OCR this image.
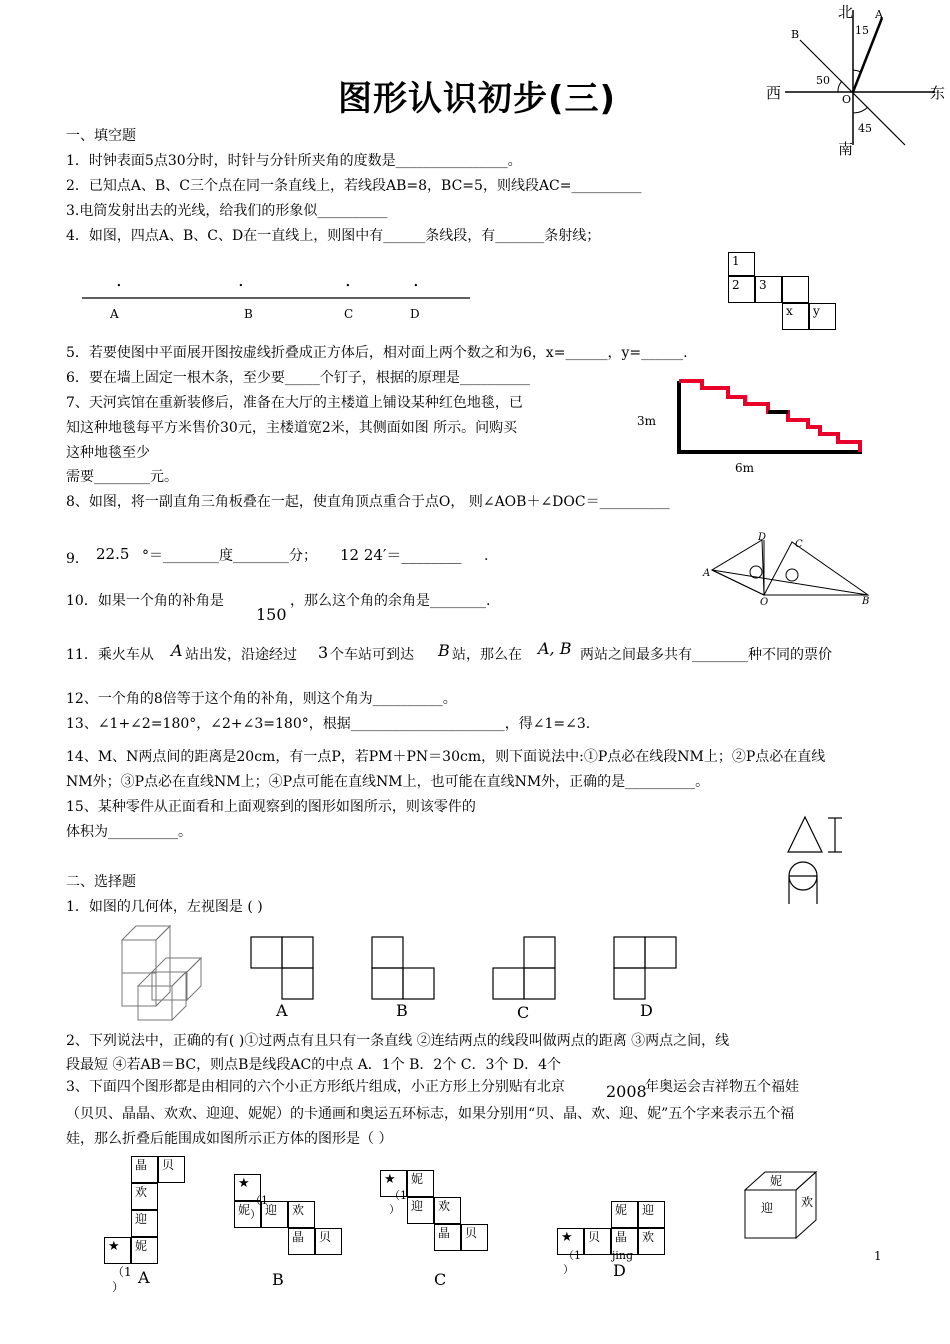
北
南
东
西
A
B
O
15
50
45
图形认识初步(三)
一、填空题
1．时钟表面5点30分时，时针与分针所夹角的度数是________________。
2．已知点A、B、C三个点在同一条直线上，若线段AB=8，BC=5，则线段AC=__________
3.电筒发射出去的光线，给我们的形象似__________
4．如图，四点A、B、C、D在一直线上，则图中有______条线段，有_______条射线；
.	.	.	.
A	B	C	D
1
2	3
x	y
5．若要使图中平面展开图按虚线折叠成正方体后，相对面上两个数之和为6，x=______，y=______.
6．要在墙上固定一根木条，至少要_____个钉子，根据的原理是__________
7、天河宾馆在重新装修后，准备在大厅的主楼道上铺设某种红色地毯，已
知这种地毯每平方米售价30元，主楼道宽2米，其侧面如图 所示。问购买
这种地毯至少
需要________元。
3m
6m
8、如图，将一副直角三角板叠在一起，使直角顶点重合于点O， 则∠AOB＋∠DOC＝__________
9． 22.5 °＝________度________分； 12 24′＝________ .
A
B
C
D
O
10．如果一个角的补角是
150
，那么这个角的余角是________.
11．乘火车从 A 站出发，沿途经过 3 个车站可到达 B 站，那么在 A, B 两站之间最多共有________种不同的票价
12、一个角的8倍等于这个角的补角，则这个角为__________。
13、∠1+∠2=180°，∠2+∠3=180°，根据______________________，得∠1=∠3.
14、M、N两点间的距离是20cm，有一点P，若PM＋PN＝30cm，则下面说法中:①P点必在线段NM上；②P点必在直线
NM外；③P点必在直线NM上；④P点可能在直线NM上，也可能在直线NM外，正确的是__________。
15、某种零件从正面看和上面观察到的图形如图所示，则该零件的
体积为__________。
二、选择题
1．如图的几何体，左视图是 ( )
A	B	C	D
2、下列说法中，正确的有( )①过两点有且只有一条直线 ②连结两点的线段叫做两点的距离 ③两点之间，线
段最短 ④若AB＝BC，则点B是线段AC的中点 A．1个 B．2个 C．3个 D．4个
3、下面四个图形都是由相同的六个小正方形纸片组成，小正方形上分别贴有北京	2008
年奥运会吉祥物五个福娃
（贝贝、晶晶、欢欢、迎迎、妮妮）的卡通画和奥运五环标志，如果分别用“贝、晶、欢、迎、妮”五个字来表示五个福
娃，那么折叠后能围成如图所示正方体的图形是（ ）
晶	贝
欢
迎
妮
★
（1
） A
★
妮	迎	欢
晶	贝
（1
）
B
★	妮
迎	欢
晶	贝
（1
）
C
妮	迎
欢
★	贝	晶
（1
）
jing
D
妮
迎 欢
1
